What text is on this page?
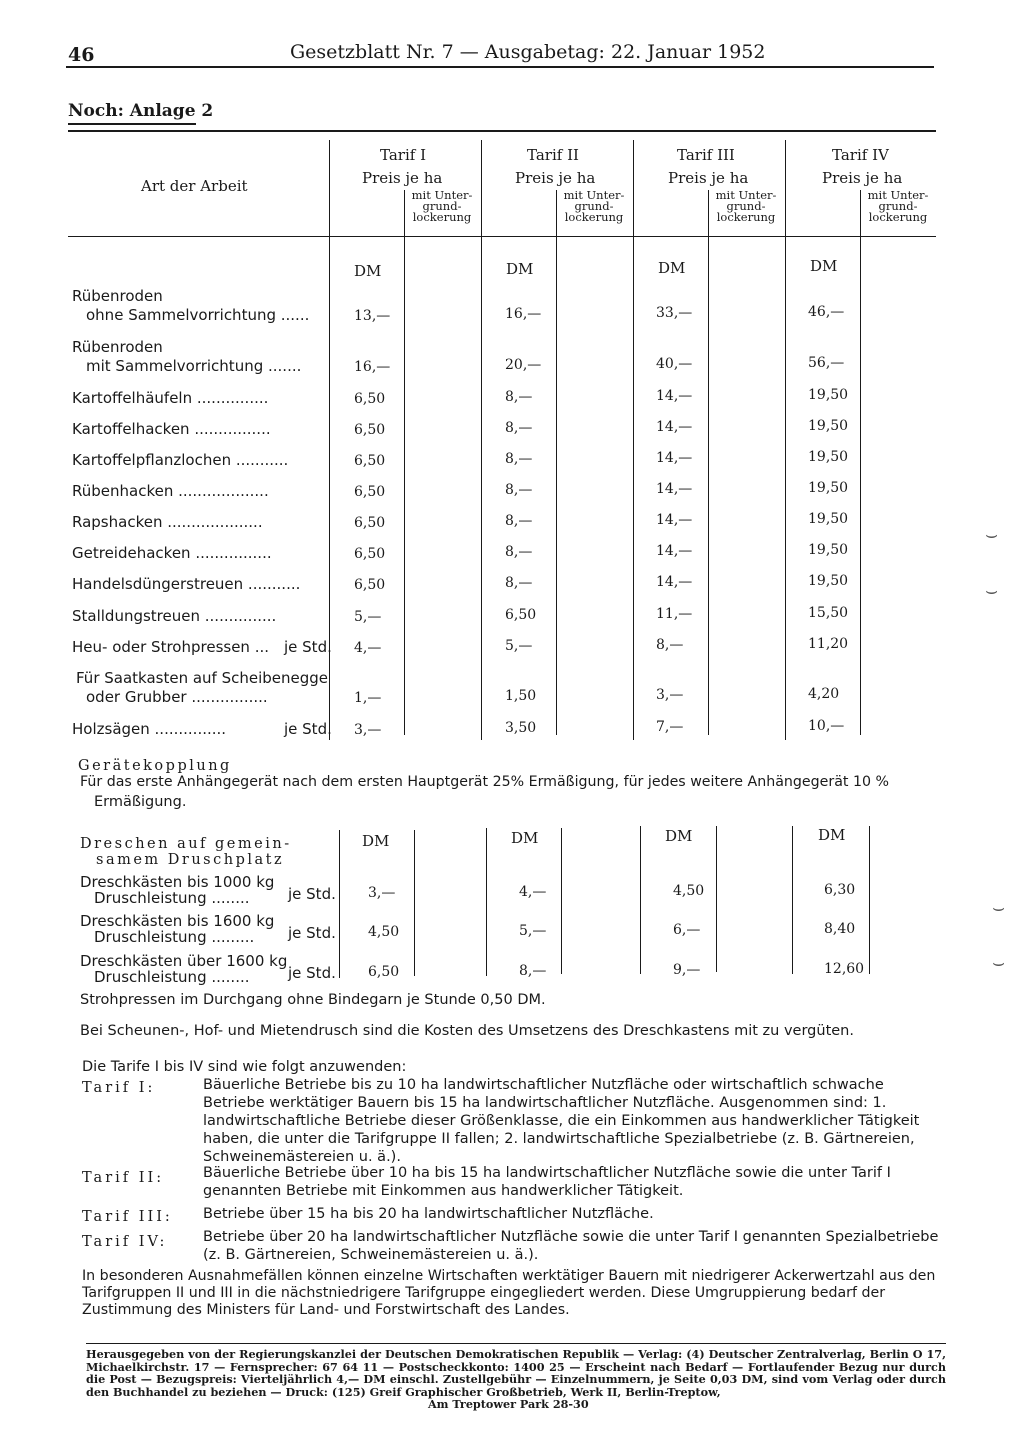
46	Gesetzblatt Nr. 7 — Ausgabetag: 22. Januar 1952
Noch: Anlage 2
Art der Arbeit
Tarif I
Preis je ha
mit Unter-
grund-
lockerung
Tarif II
Preis je ha
mit Unter-
grund-
lockerung
Tarif III
Preis je ha
mit Unter-
grund-
lockerung
Tarif IV
Preis je ha
mit Unter-
grund-
lockerung
DM	DM	DM	DM
Rübenroden
ohne Sammelvorrichtung ......	13,—	16,—	33,—	46,—
Rübenroden
mit Sammelvorrichtung .......	16,—	20,—	40,—	56,—
Kartoffelhäufeln ...............	6,50	8,—	14,—	19,50
Kartoffelhacken ................	6,50	8,—	14,—	19,50
Kartoffelpflanzlochen ...........	6,50	8,—	14,—	19,50
Rübenhacken ...................	6,50	8,—	14,—	19,50
Rapshacken ....................	6,50	8,—	14,—	19,50
Getreidehacken ................	6,50	8,—	14,—	19,50
Handelsdüngerstreuen ...........	6,50	8,—	14,—	19,50
Stalldungstreuen ...............	5,—	6,50	11,—	15,50
Heu- oder Strohpressen ... je Std. 4,—	5,—	8,—	11,20
Für Saatkasten auf Scheibenegge
oder Grubber ................	1,—	1,50	3,—	4,20
Holzsägen ...............	je Std. 3,—	3,50	7,—	10,—
Gerätekopplung
Für das erste Anhängegerät nach dem ersten Hauptgerät 25% Ermäßigung, für jedes weitere Anhängegerät 10 %
Ermäßigung.
Dreschen auf gemein-
samem Druschplatz
DM	DM	DM	DM
Dreschkästen bis 1000 kg
Druschleistung ........	je Std. 3,—	4,—	4,50	6,30
Dreschkästen bis 1600 kg
Druschleistung ......... je Std. 4,50	5,—	6,—	8,40
Dreschkästen über 1600 kg
Druschleistung ........	je Std. 6,50	8,—	9,—	12,60
Strohpressen im Durchgang ohne Bindegarn je Stunde 0,50 DM.
Bei Scheunen-, Hof- und Mietendrusch sind die Kosten des Umsetzens des Dreschkastens mit zu vergüten.
Die Tarife I bis IV sind wie folgt anzuwenden:
Tarif I:	Bäuerliche Betriebe bis zu 10 ha landwirtschaftlicher Nutzfläche oder wirtschaftlich schwache Betriebe werktätiger Bauern bis 15 ha landwirtschaftlicher Nutzfläche. Ausgenommen sind: 1. landwirtschaftliche Betriebe dieser Größenklasse, die ein Einkommen aus handwerklicher Tätigkeit haben, die unter die Tarifgruppe II fallen; 2. landwirtschaftliche Spezialbetriebe (z. B. Gärtnereien, Schweinemästereien u. ä.).
Tarif II:	Bäuerliche Betriebe über 10 ha bis 15 ha landwirtschaftlicher Nutzfläche sowie die unter Tarif I genannten Betriebe mit Einkommen aus handwerklicher Tätigkeit.
Tarif III: Betriebe über 15 ha bis 20 ha landwirtschaftlicher Nutzfläche.
Tarif IV: Betriebe über 20 ha landwirtschaftlicher Nutzfläche sowie die unter Tarif I genannten Spezialbetriebe (z. B. Gärtnereien, Schweinemästereien u. ä.).
In besonderen Ausnahmefällen können einzelne Wirtschaften werktätiger Bauern mit niedrigerer Ackerwertzahl aus den Tarifgruppen II und III in die nächstniedrigere Tarifgruppe eingegliedert werden. Diese Umgruppierung bedarf der Zustimmung des Ministers für Land- und Forstwirtschaft des Landes.
Herausgegeben von der Regierungskanzlei der Deutschen Demokratischen Republik — Verlag: (4) Deutscher Zentralverlag, Berlin O 17, Michaelkirchstr. 17 — Fernsprecher: 67 64 11 — Postscheckkonto: 1400 25 — Erscheint nach Bedarf — Fortlaufender Bezug nur durch die Post — Bezugspreis: Vierteljährlich 4,— DM einschl. Zustellgebühr — Einzelnummern, je Seite 0,03 DM, sind vom Verlag oder durch den Buchhandel zu beziehen — Druck: (125) Greif Graphischer Großbetrieb, Werk II, Berlin-Treptow,
Am Treptower Park 28-30
⌣
⌣
⌣
⌣
